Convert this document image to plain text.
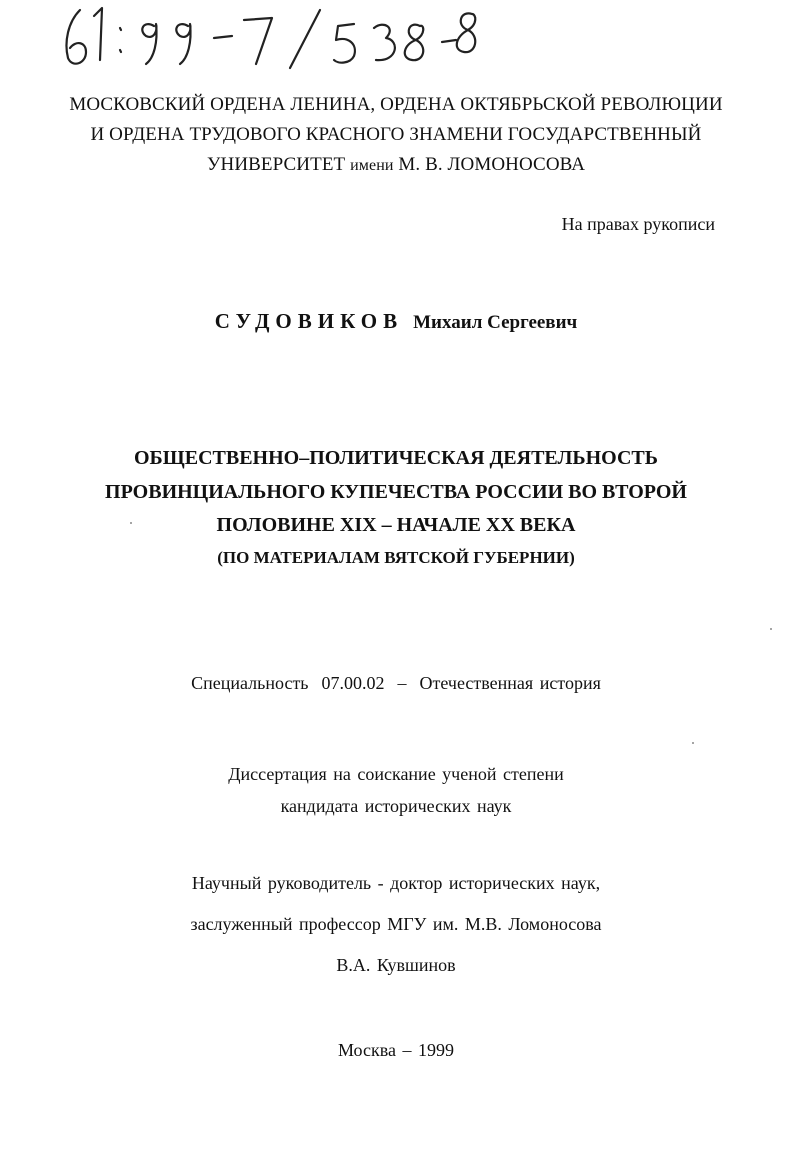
МОСКОВСКИЙ ОРДЕНА ЛЕНИНА, ОРДЕНА ОКТЯБРЬСКОЙ РЕВОЛЮЦИИ
И ОРДЕНА ТРУДОВОГО КРАСНОГО ЗНАМЕНИ ГОСУДАРСТВЕННЫЙ
УНИВЕРСИТЕТ имени М. В. ЛОМОНОСОВА
На правах рукописи
СУДОВИКОВ Михаил Сергеевич
ОБЩЕСТВЕННО–ПОЛИТИЧЕСКАЯ ДЕЯТЕЛЬНОСТЬ
ПРОВИНЦИАЛЬНОГО КУПЕЧЕСТВА РОССИИ ВО ВТОРОЙ
ПОЛОВИНЕ XIX – НАЧАЛЕ XX ВЕКА
(ПО МАТЕРИАЛАМ ВЯТСКОЙ ГУБЕРНИИ)
Специальность  07.00.02  –  Отечественная история
Диссертация на соискание ученой степени
кандидата исторических наук
Научный руководитель - доктор исторических наук,
заслуженный профессор МГУ им. М.В. Ломоносова
В.А. Кувшинов
Москва – 1999
